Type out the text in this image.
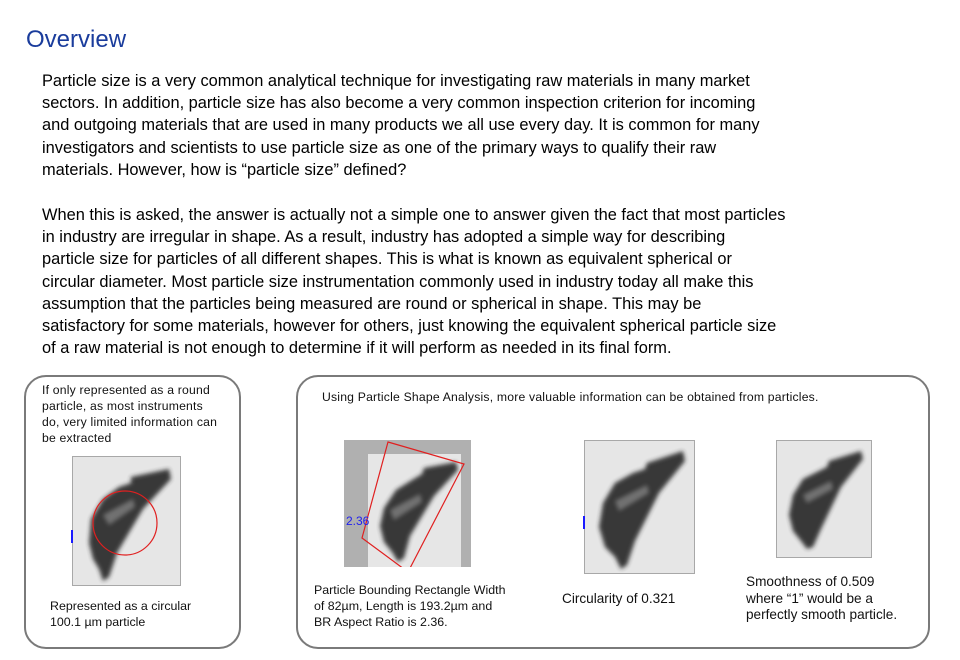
Overview

Particle size is a very common analytical technique for investigating raw materials in many market
sectors. In addition, particle size has also become a very common inspection criterion for incoming
and outgoing materials that are used in many products we all use every day. It is common for many
investigators and scientists to use particle size as one of the primary ways to qualify their raw
materials. However, how is “particle size” defined?

When this is asked, the answer is actually not a simple one to answer given the fact that most particles
in industry are irregular in shape. As a result, industry has adopted a simple way for describing
particle size for particles of all different shapes. This is what is known as equivalent spherical or
circular diameter. Most particle size instrumentation commonly used in industry today all make this
assumption that the particles being measured are round or spherical in shape. This may be
satisfactory for some materials, however for others, just knowing the equivalent spherical particle size
of a raw material is not enough to determine if it will perform as needed in its final form.

If only represented as a round
particle, as most instruments
do, very limited information can
be extracted
Represented as a circular
100.1 µm particle
Using Particle Shape Analysis, more valuable information can be obtained from particles.
2.36
Particle Bounding Rectangle Width
of 82µm, Length is 193.2µm and
BR Aspect Ratio is 2.36.
Circularity of 0.321
Smoothness of 0.509
where “1” would be a
perfectly smooth particle.
